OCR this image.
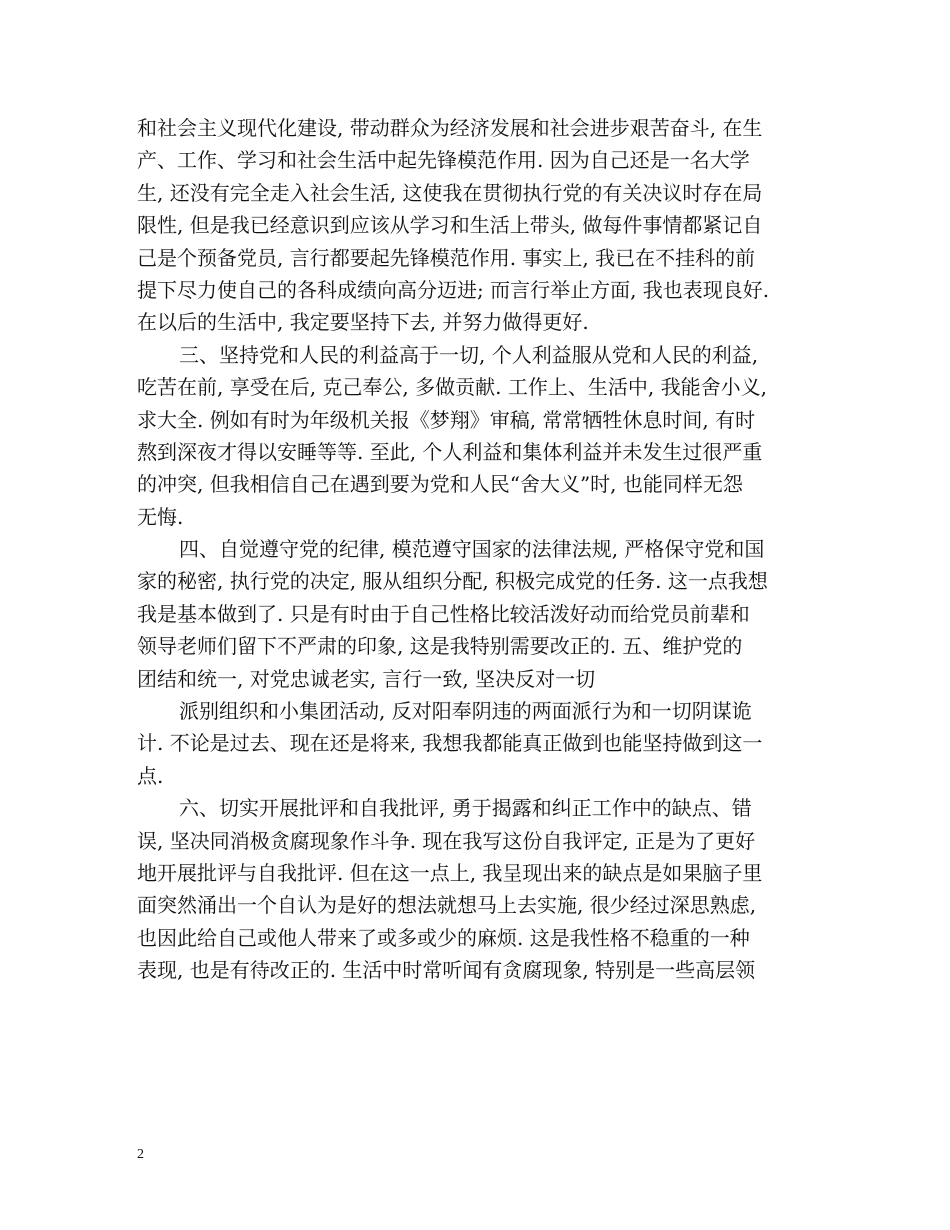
和社会主义现代化建设, 带动群众为经济发展和社会进步艰苦奋斗, 在生
产、工作、学习和社会生活中起先锋模范作用. 因为自己还是一名大学
生, 还没有完全走入社会生活, 这使我在贯彻执行党的有关决议时存在局
限性, 但是我已经意识到应该从学习和生活上带头, 做每件事情都紧记自
己是个预备党员, 言行都要起先锋模范作用. 事实上, 我已在不挂科的前
提下尽力使自己的各科成绩向高分迈进; 而言行举止方面, 我也表现良好.
在以后的生活中, 我定要坚持下去, 并努力做得更好.
三、坚持党和人民的利益高于一切, 个人利益服从党和人民的利益,
吃苦在前, 享受在后, 克己奉公, 多做贡献. 工作上、生活中, 我能舍小义,
求大全. 例如有时为年级机关报《梦翔》审稿, 常常牺牲休息时间, 有时
熬到深夜才得以安睡等等. 至此, 个人利益和集体利益并未发生过很严重
的冲突, 但我相信自己在遇到要为党和人民“舍大义”时, 也能同样无怨
无悔.
四、自觉遵守党的纪律, 模范遵守国家的法律法规, 严格保守党和国
家的秘密, 执行党的决定, 服从组织分配, 积极完成党的任务. 这一点我想
我是基本做到了. 只是有时由于自己性格比较活泼好动而给党员前辈和
领导老师们留下不严肃的印象, 这是我特别需要改正的. 五、维护党的
团结和统一, 对党忠诚老实, 言行一致, 坚决反对一切
派别组织和小集团活动, 反对阳奉阴违的两面派行为和一切阴谋诡
计. 不论是过去、现在还是将来, 我想我都能真正做到也能坚持做到这一
点.
六、切实开展批评和自我批评, 勇于揭露和纠正工作中的缺点、错
误, 坚决同消极贪腐现象作斗争. 现在我写这份自我评定, 正是为了更好
地开展批评与自我批评. 但在这一点上, 我呈现出来的缺点是如果脑子里
面突然涌出一个自认为是好的想法就想马上去实施, 很少经过深思熟虑,
也因此给自己或他人带来了或多或少的麻烦. 这是我性格不稳重的一种
表现, 也是有待改正的. 生活中时常听闻有贪腐现象, 特别是一些高层领
2
